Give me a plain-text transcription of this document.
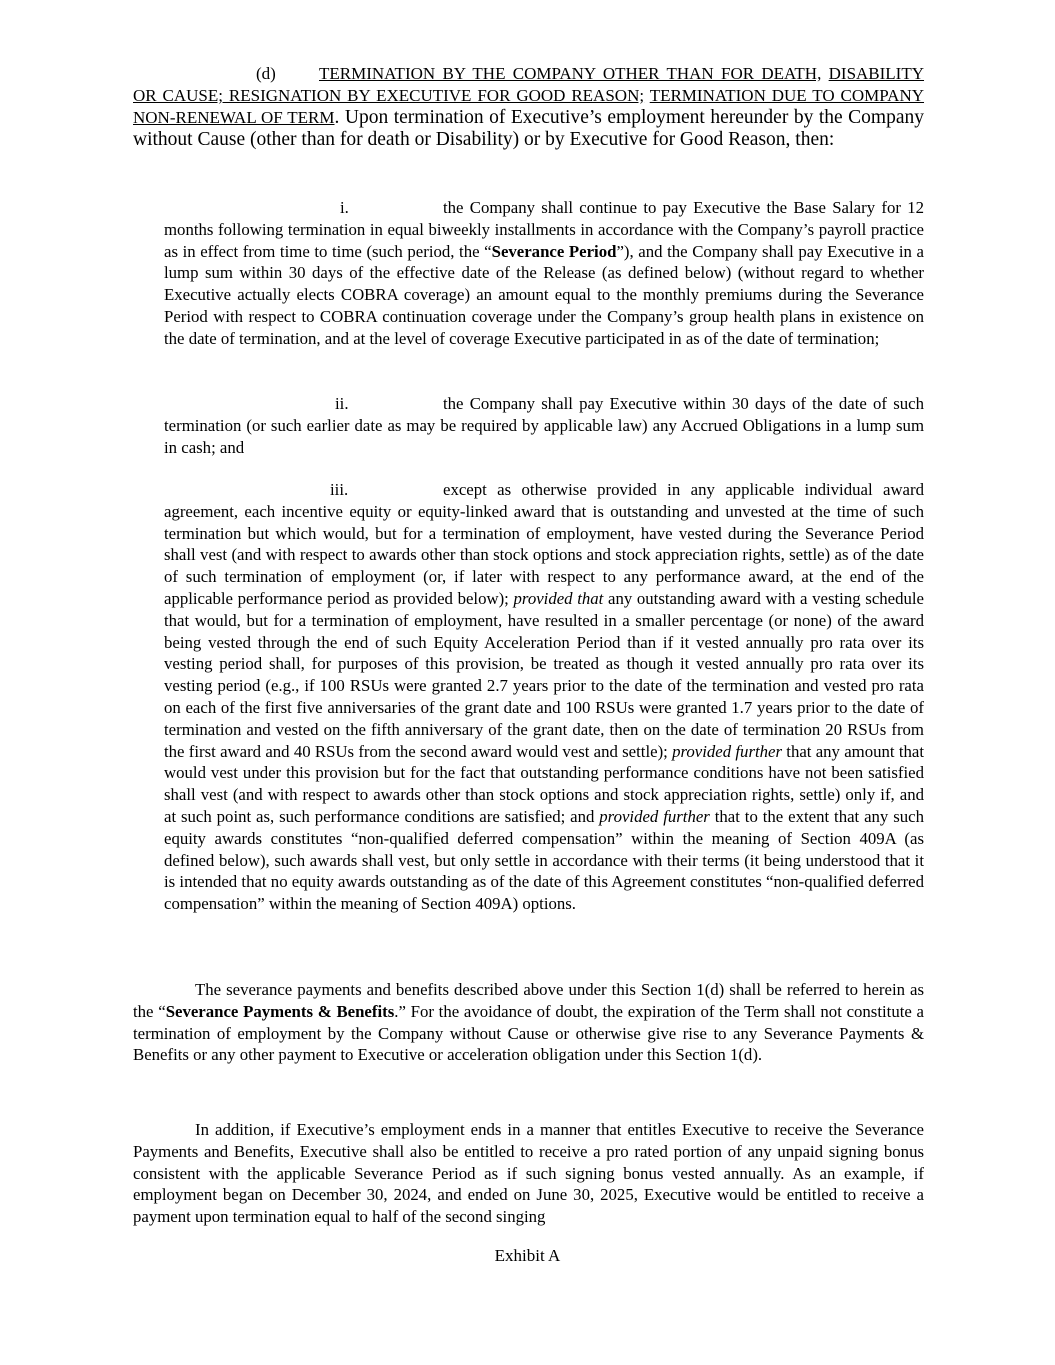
(d)	TERMINATION BY THE COMPANY OTHER THAN FOR DEATH, DISABILITY OR CAUSE; RESIGNATION BY EXECUTIVE FOR GOOD REASON; TERMINATION DUE TO COMPANY NON-RENEWAL OF TERM. Upon termination of Executive’s employment hereunder by the Company without Cause (other than for death or Disability) or by Executive for Good Reason, then:

i.	the Company shall continue to pay Executive the Base Salary for 12 months following termination in equal biweekly installments in accordance with the Company’s payroll practice as in effect from time to time (such period, the “Severance Period”), and the Company shall pay Executive in a lump sum within 30 days of the effective date of the Release (as defined below) (without regard to whether Executive actually elects COBRA coverage) an amount equal to the monthly premiums during the Severance Period with respect to COBRA continuation coverage under the Company’s group health plans in existence on the date of termination, and at the level of coverage Executive participated in as of the date of termination;

ii.	the Company shall pay Executive within 30 days of the date of such termination (or such earlier date as may be required by applicable law) any Accrued Obligations in a lump sum in cash; and

iii.	except as otherwise provided in any applicable individual award agreement, each incentive equity or equity-linked award that is outstanding and unvested at the time of such termination but which would, but for a termination of employment, have vested during the Severance Period shall vest (and with respect to awards other than stock options and stock appreciation rights, settle) as of the date of such termination of employment (or, if later with respect to any performance award, at the end of the applicable performance period as provided below); provided that any outstanding award with a vesting schedule that would, but for a termination of employment, have resulted in a smaller percentage (or none) of the award being vested through the end of such Equity Acceleration Period than if it vested annually pro rata over its vesting period shall, for purposes of this provision, be treated as though it vested annually pro rata over its vesting period (e.g., if 100 RSUs were granted 2.7 years prior to the date of the termination and vested pro rata on each of the first five anniversaries of the grant date and 100 RSUs were granted 1.7 years prior to the date of termination and vested on the fifth anniversary of the grant date, then on the date of termination 20 RSUs from the first award and 40 RSUs from the second award would vest and settle); provided further that any amount that would vest under this provision but for the fact that outstanding performance conditions have not been satisfied shall vest (and with respect to awards other than stock options and stock appreciation rights, settle) only if, and at such point as, such performance conditions are satisfied; and provided further that to the extent that any such equity awards constitutes “non-qualified deferred compensation” within the meaning of Section 409A (as defined below), such awards shall vest, but only settle in accordance with their terms (it being understood that it is intended that no equity awards outstanding as of the date of this Agreement constitutes “non-qualified deferred compensation” within the meaning of Section 409A) options.

The severance payments and benefits described above under this Section 1(d) shall be referred to herein as the “Severance Payments & Benefits.” For the avoidance of doubt, the expiration of the Term shall not constitute a termination of employment by the Company without Cause or otherwise give rise to any Severance Payments & Benefits or any other payment to Executive or acceleration obligation under this Section 1(d).

In addition, if Executive’s employment ends in a manner that entitles Executive to receive the Severance Payments and Benefits, Executive shall also be entitled to receive a pro rated portion of any unpaid signing bonus consistent with the applicable Severance Period as if such signing bonus vested annually. As an example, if employment began on December 30, 2024, and ended on June 30, 2025, Executive would be entitled to receive a payment upon termination equal to half of the second singing

Exhibit A
